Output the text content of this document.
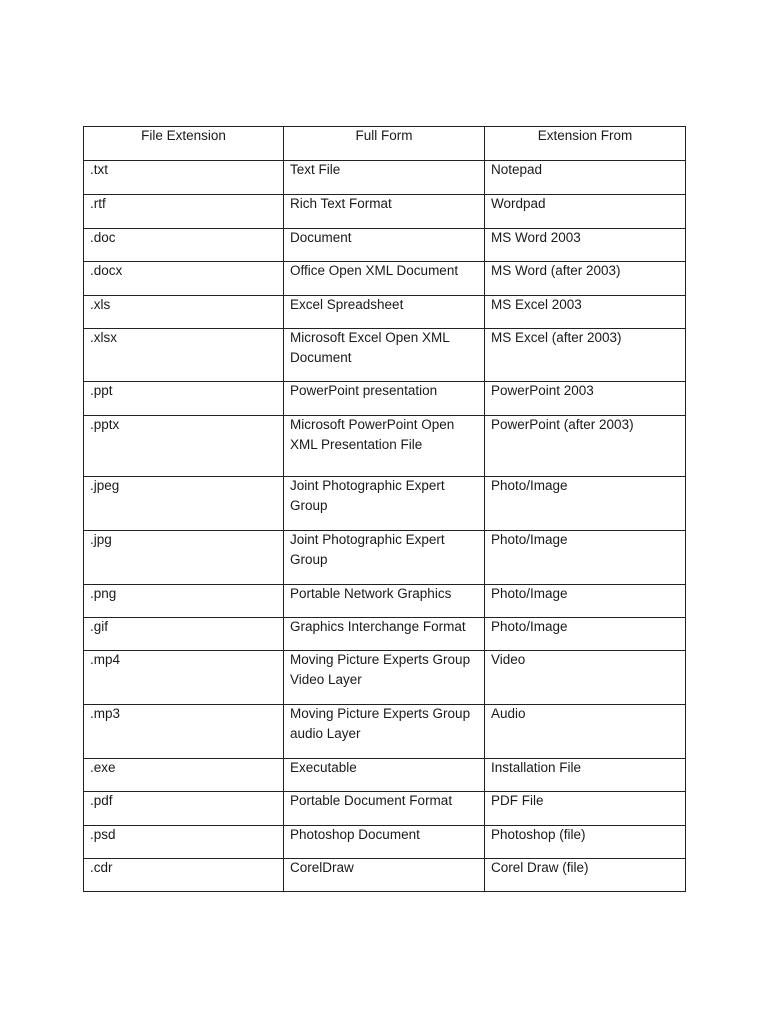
File Extension	Full Form	Extension From

.txt	Text File	Notepad

.rtf	Rich Text Format	Wordpad

.doc	Document	MS Word 2003

.docx	Office Open XML Document	MS Word (after 2003)

.xls	Excel Spreadsheet	MS Excel 2003

.xlsx	Microsoft Excel Open XML Document	MS Excel (after 2003)

.ppt	PowerPoint presentation	PowerPoint 2003

.pptx	Microsoft PowerPoint Open XML Presentation File	PowerPoint (after 2003)

.jpeg	Joint Photographic Expert Group	Photo/Image

.jpg	Joint Photographic Expert Group	Photo/Image

.png	Portable Network Graphics	Photo/Image

.gif	Graphics Interchange Format	Photo/Image

.mp4	Moving Picture Experts Group Video Layer	Video

.mp3	Moving Picture Experts Group audio Layer	Audio

.exe	Executable	Installation File

.pdf	Portable Document Format	PDF File

.psd	Photoshop Document	Photoshop (file)

.cdr	CorelDraw	Corel Draw (file)
